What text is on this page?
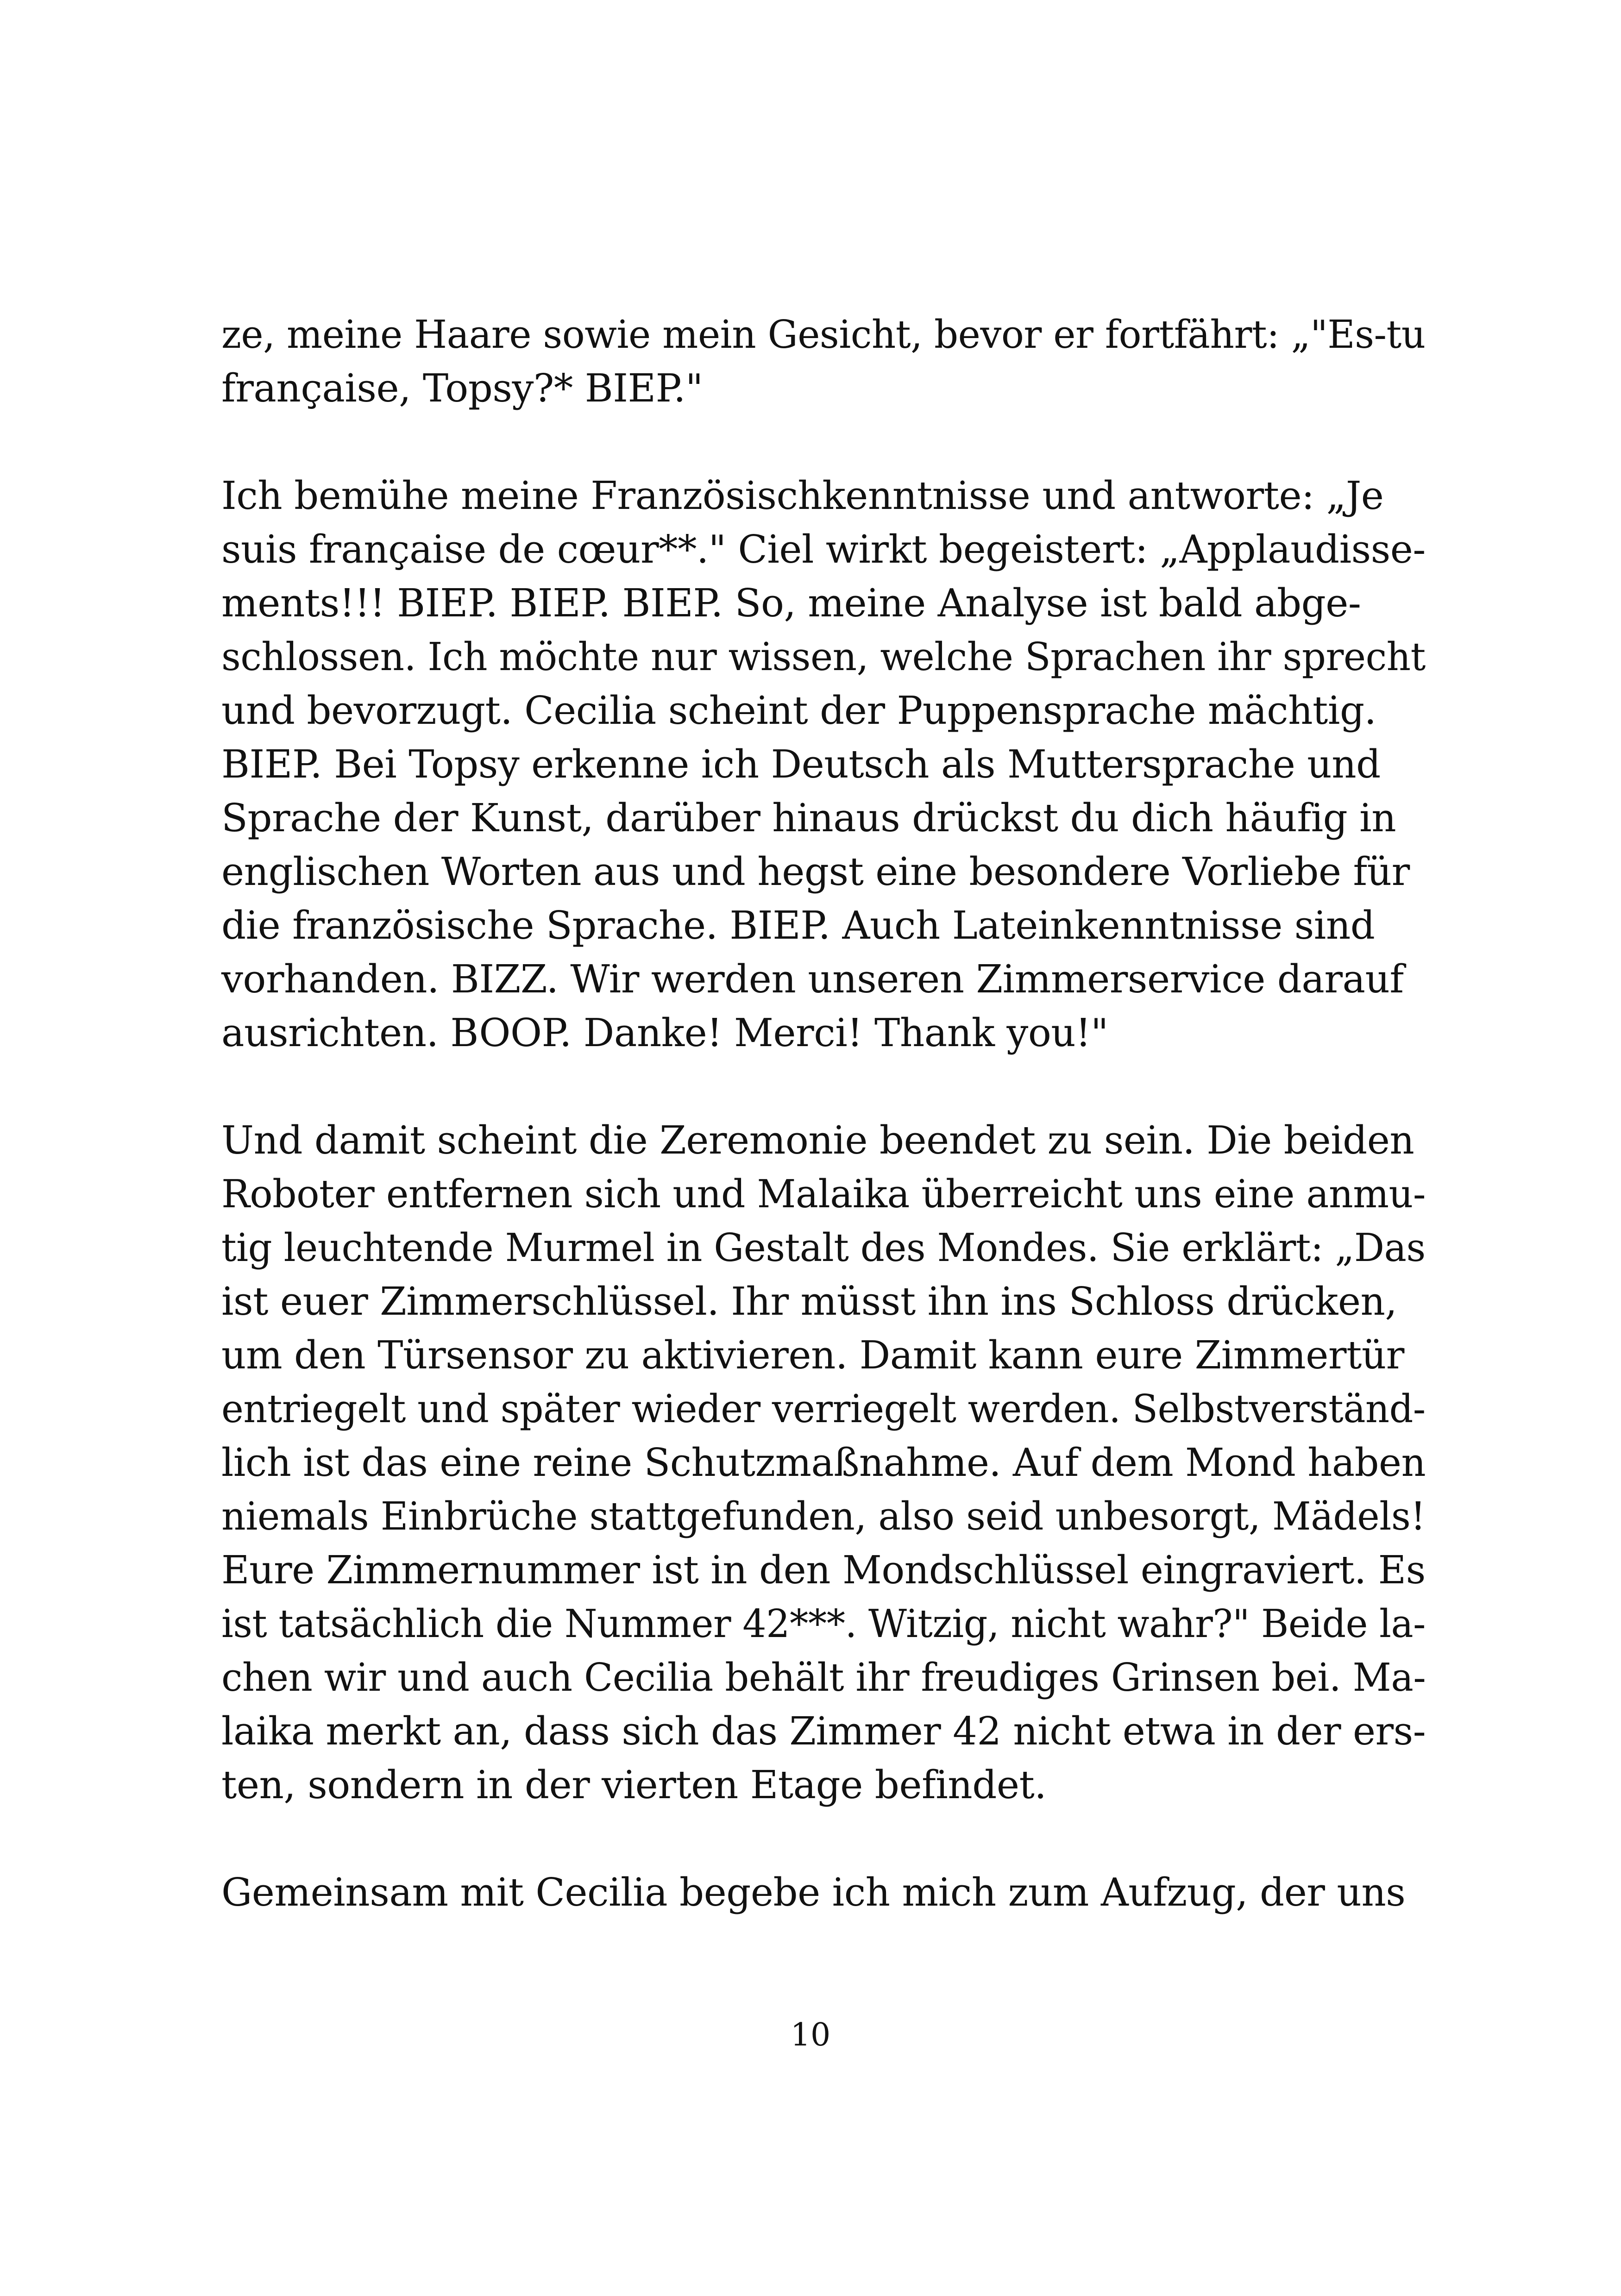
ze, meine Haare sowie mein Gesicht, bevor er fortfährt: „"Es-tu
française, Topsy?* BIEP."

Ich bemühe meine Französischkenntnisse und antworte: „Je
suis française de cœur**." Ciel wirkt begeistert: „Applaudisse-
ments!!! BIEP. BIEP. BIEP. So, meine Analyse ist bald abge-
schlossen. Ich möchte nur wissen, welche Sprachen ihr sprecht
und bevorzugt. Cecilia scheint der Puppensprache mächtig.
BIEP. Bei Topsy erkenne ich Deutsch als Muttersprache und
Sprache der Kunst, darüber hinaus drückst du dich häufig in
englischen Worten aus und hegst eine besondere Vorliebe für
die französische Sprache. BIEP. Auch Lateinkenntnisse sind
vorhanden. BIZZ. Wir werden unseren Zimmerservice darauf
ausrichten. BOOP. Danke! Merci! Thank you!"

Und damit scheint die Zeremonie beendet zu sein. Die beiden
Roboter entfernen sich und Malaika überreicht uns eine anmu-
tig leuchtende Murmel in Gestalt des Mondes. Sie erklärt: „Das
ist euer Zimmerschlüssel. Ihr müsst ihn ins Schloss drücken,
um den Türsensor zu aktivieren. Damit kann eure Zimmertür
entriegelt und später wieder verriegelt werden. Selbstverständ-
lich ist das eine reine Schutzmaßnahme. Auf dem Mond haben
niemals Einbrüche stattgefunden, also seid unbesorgt, Mädels!
Eure Zimmernummer ist in den Mondschlüssel eingraviert. Es
ist tatsächlich die Nummer 42***. Witzig, nicht wahr?" Beide la-
chen wir und auch Cecilia behält ihr freudiges Grinsen bei. Ma-
laika merkt an, dass sich das Zimmer 42 nicht etwa in der ers-
ten, sondern in der vierten Etage befindet.

Gemeinsam mit Cecilia begebe ich mich zum Aufzug, der uns

10
